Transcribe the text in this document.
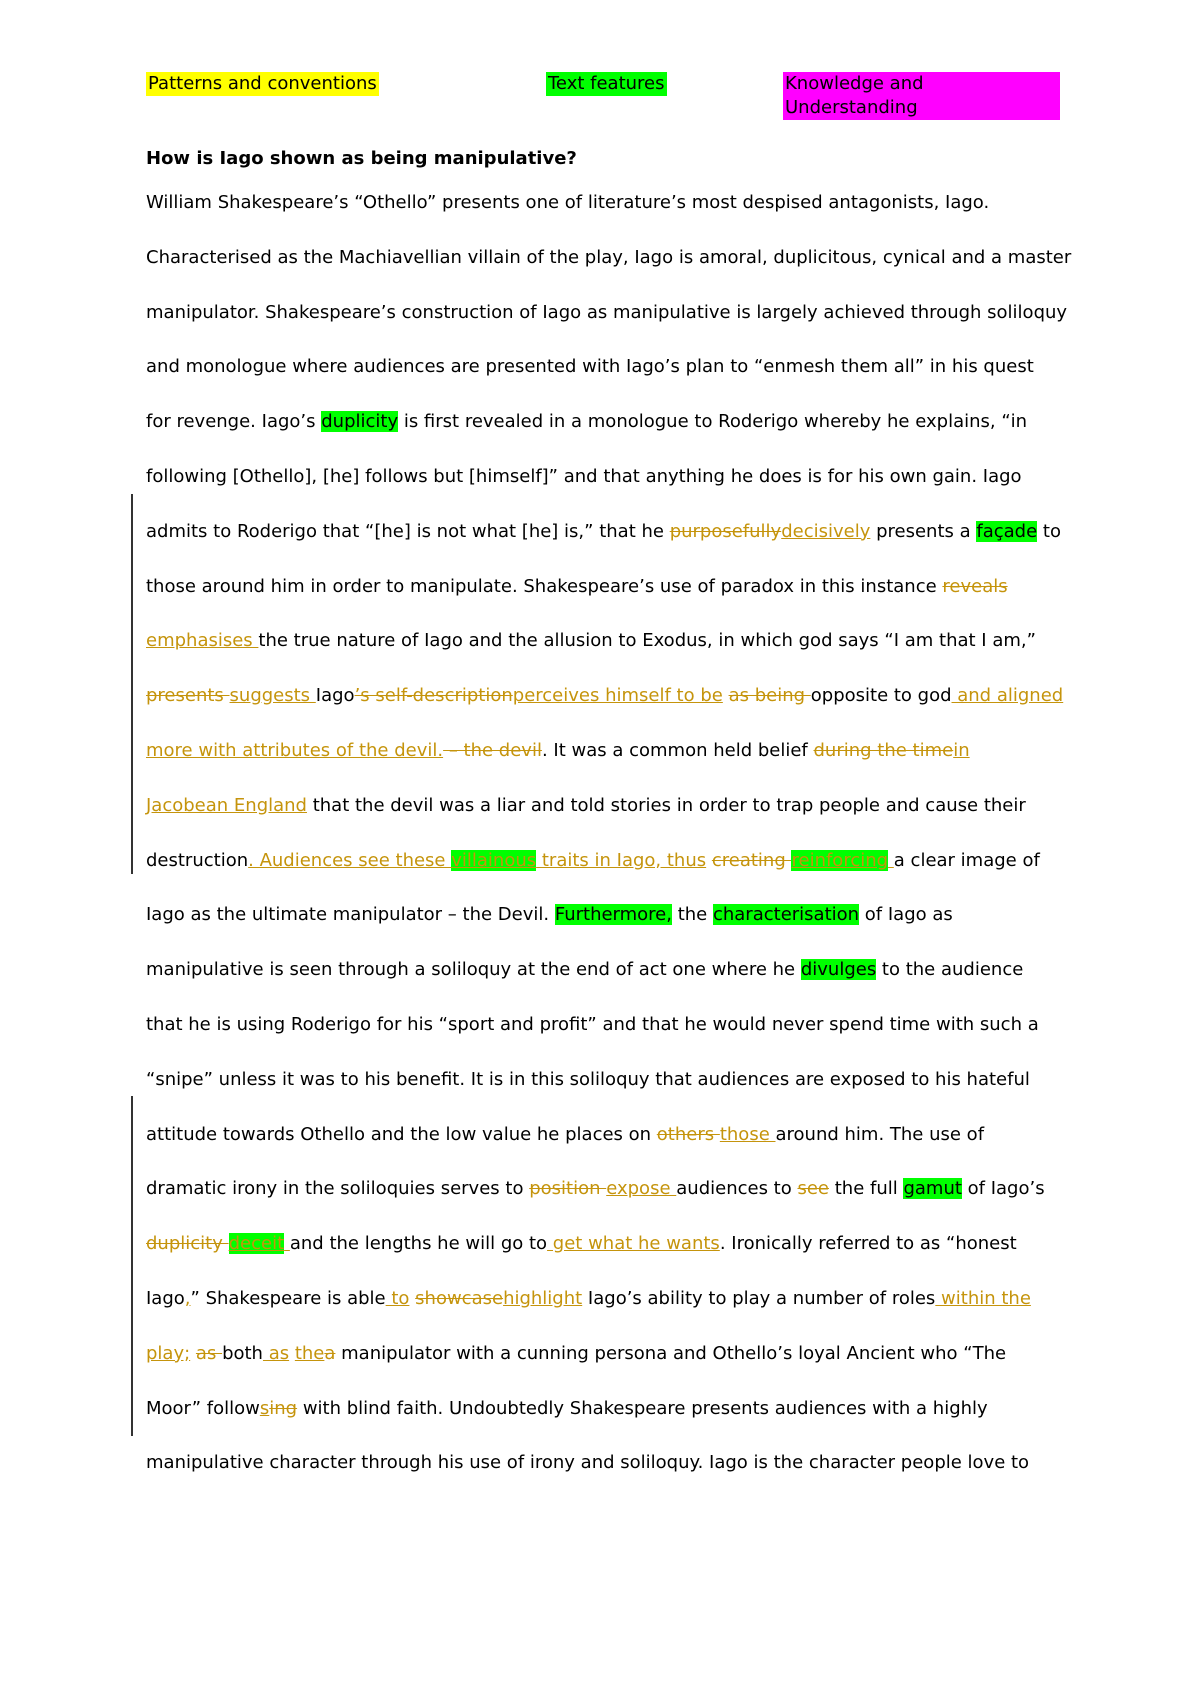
Patterns and conventions	Text features	Knowledge and Understanding
How is Iago shown as being manipulative?
William Shakespeare’s “Othello” presents one of literature’s most despised antagonists, Iago.
Characterised as the Machiavellian villain of the play, Iago is amoral, duplicitous, cynical and a master
manipulator. Shakespeare’s construction of Iago as manipulative is largely achieved through soliloquy
and monologue where audiences are presented with Iago’s plan to “enmesh them all” in his quest
for revenge. Iago’s duplicity is first revealed in a monologue to Roderigo whereby he explains, “in
following [Othello], [he] follows but [himself]” and that anything he does is for his own gain. Iago
admits to Roderigo that “[he] is not what [he] is,” that he purposefullydecisively presents a façade to
those around him in order to manipulate. Shakespeare’s use of paradox in this instance reveals
emphasises the true nature of Iago and the allusion to Exodus, in which god says “I am that I am,”
presents suggests Iago’s self-descriptionperceives himself to be as being opposite to god and aligned
more with attributes of the devil. – the devil. It was a common held belief during the timein
Jacobean England that the devil was a liar and told stories in order to trap people and cause their
destruction. Audiences see these villainous traits in Iago, thus creating reinforcing a clear image of
Iago as the ultimate manipulator – the Devil. Furthermore, the characterisation of Iago as
manipulative is seen through a soliloquy at the end of act one where he divulges to the audience
that he is using Roderigo for his “sport and profit” and that he would never spend time with such a
“snipe” unless it was to his benefit. It is in this soliloquy that audiences are exposed to his hateful
attitude towards Othello and the low value he places on others those around him. The use of
dramatic irony in the soliloquies serves to position expose audiences to see the full gamut of Iago’s
duplicity deceit and the lengths he will go to get what he wants. Ironically referred to as “honest
Iago,” Shakespeare is able to showcasehighlight Iago’s ability to play a number of roles within the
play; as both as thea manipulator with a cunning persona and Othello’s loyal Ancient who “The
Moor” followsing with blind faith. Undoubtedly Shakespeare presents audiences with a highly
manipulative character through his use of irony and soliloquy. Iago is the character people love to
